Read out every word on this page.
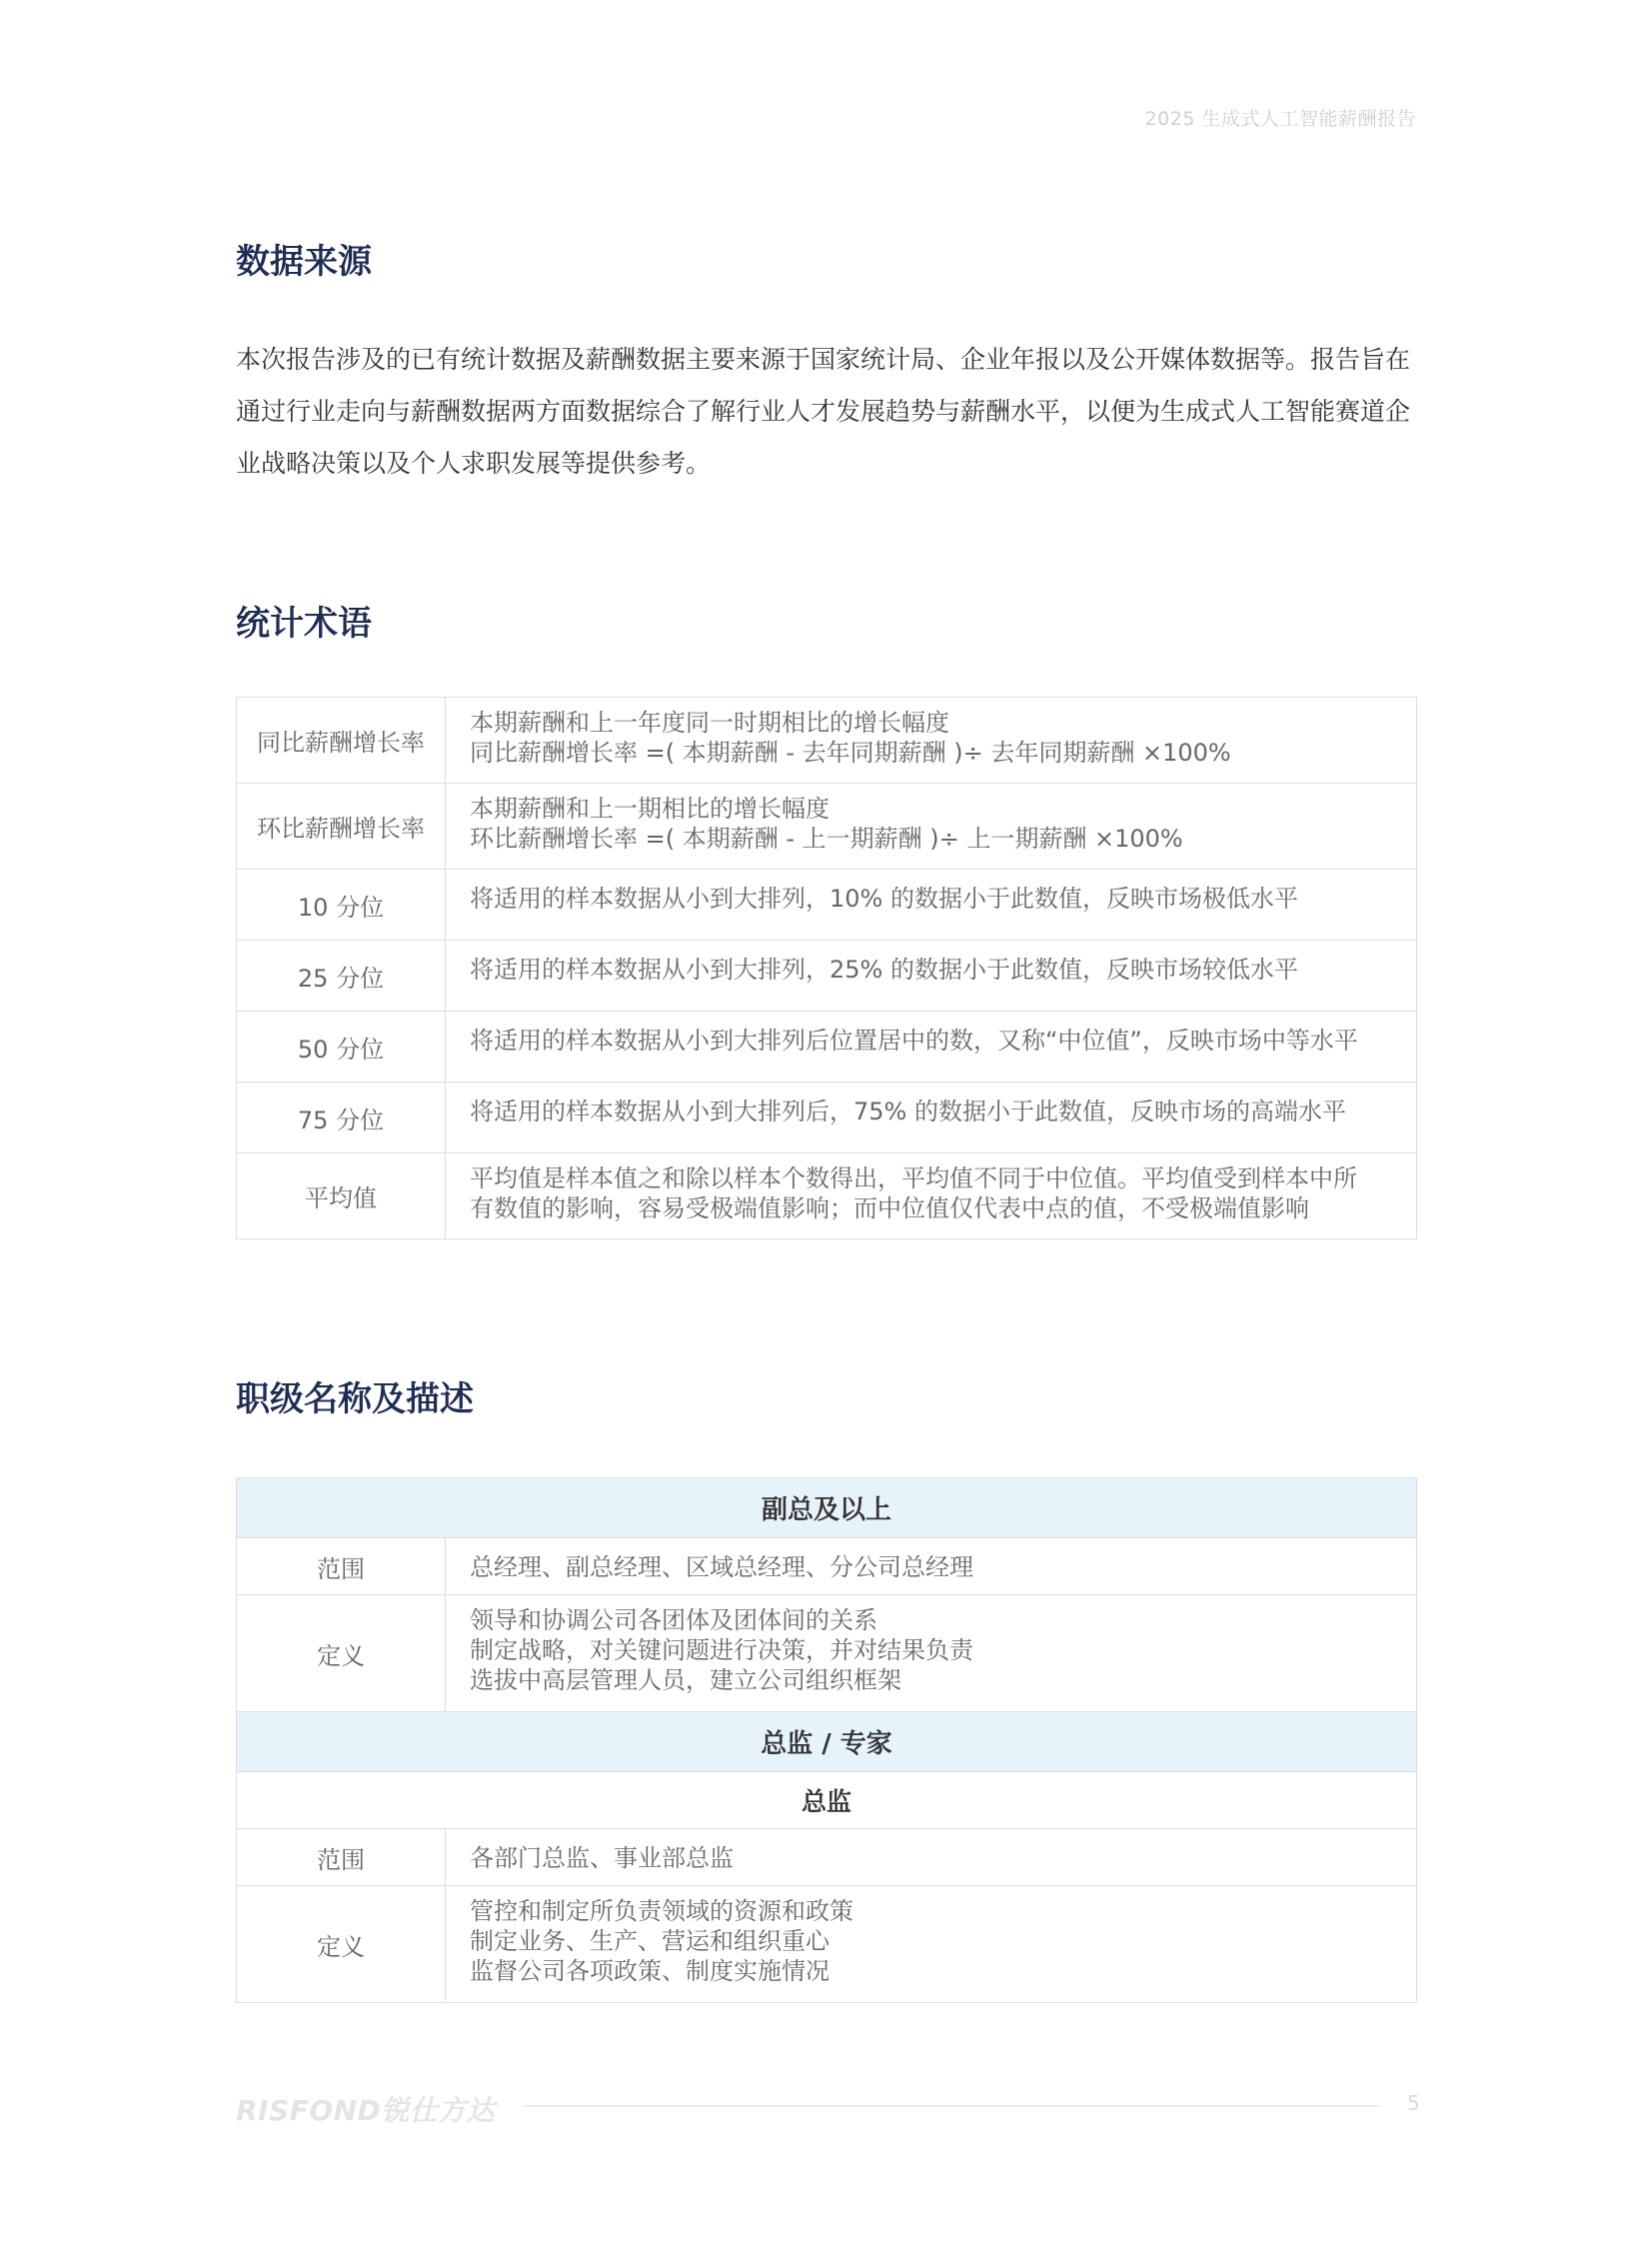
2025 生成式人工智能薪酬报告
数据来源
本次报告涉及的已有统计数据及薪酬数据主要来源于国家统计局、企业年报以及公开媒体数据等。报告旨在通过行业走向与薪酬数据两方面数据综合了解行业人才发展趋势与薪酬水平，以便为生成式人工智能赛道企业战略决策以及个人求职发展等提供参考。
统计术语
同比薪酬增长率	本期薪酬和上一年度同一时期相比的增长幅度
同比薪酬增长率 =( 本期薪酬 - 去年同期薪酬 )÷ 去年同期薪酬 ×100%

环比薪酬增长率	本期薪酬和上一期相比的增长幅度
环比薪酬增长率 =( 本期薪酬 - 上一期薪酬 )÷ 上一期薪酬 ×100%

10 分位	将适用的样本数据从小到大排列，10% 的数据小于此数值，反映市场极低水平

25 分位	将适用的样本数据从小到大排列，25% 的数据小于此数值，反映市场较低水平

50 分位	将适用的样本数据从小到大排列后位置居中的数，又称“中位值”，反映市场中等水平

75 分位	将适用的样本数据从小到大排列后，75% 的数据小于此数值，反映市场的高端水平

平均值	平均值是样本值之和除以样本个数得出，平均值不同于中位值。平均值受到样本中所
有数值的影响，容易受极端值影响；而中位值仅代表中点的值，不受极端值影响
职级名称及描述
副总及以上	
范围	总经理、副总经理、区域总经理、分公司总经理
定义	领导和协调公司各团体及团体间的关系
制定战略，对关键问题进行决策，并对结果负责
选拔中高层管理人员，建立公司组织框架

总监 / 专家	
总监	
范围	各部门总监、事业部总监
定义	管控和制定所负责领域的资源和政策
制定业务、生产、营运和组织重心
监督公司各项政策、制度实施情况
RISFOND锐仕方达	5
